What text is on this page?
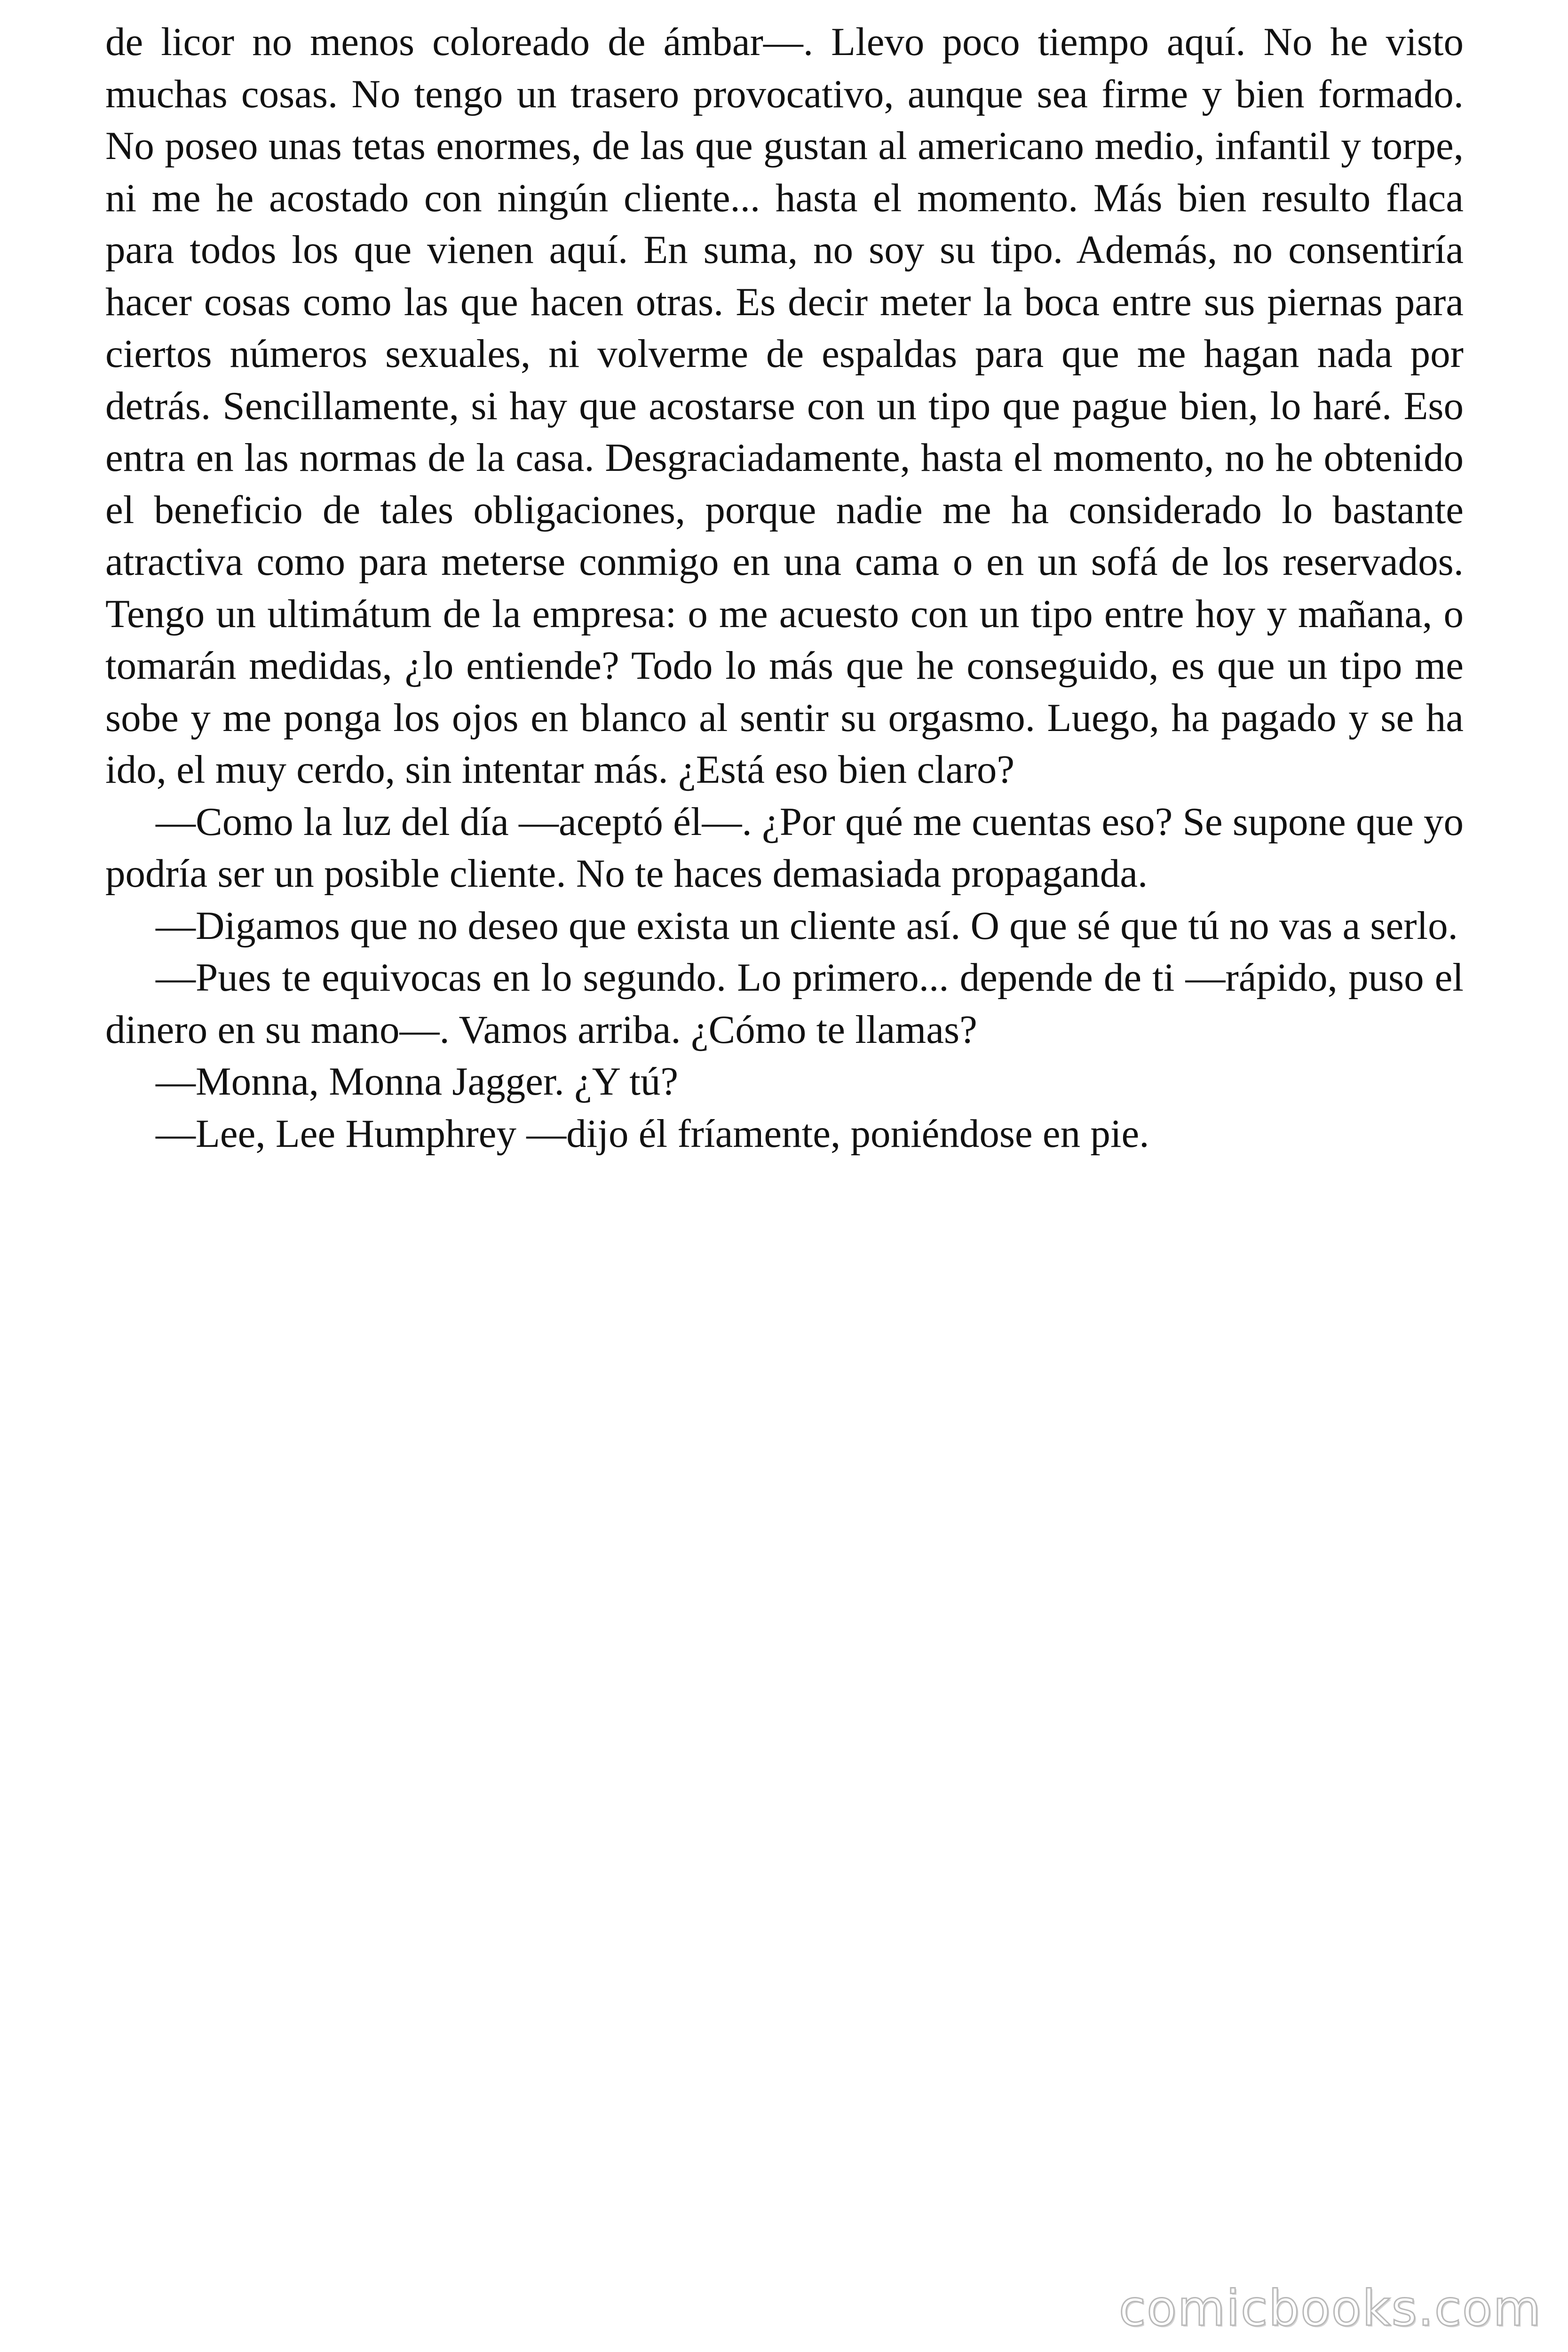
de licor no menos coloreado de ámbar—. Llevo poco tiempo aquí. No he visto muchas cosas. No tengo un trasero provocativo, aunque sea firme y bien formado. No poseo unas tetas enormes, de las que gustan al americano medio, infantil y torpe, ni me he acostado con ningún cliente... hasta el momento. Más bien resulto flaca para todos los que vienen aquí. En suma, no soy su tipo. Además, no consentiría hacer cosas como las que hacen otras. Es decir meter la boca entre sus piernas para ciertos números sexuales, ni volverme de espaldas para que me hagan nada por detrás. Sencillamente, si hay que acostarse con un tipo que pague bien, lo haré. Eso entra en las normas de la casa. Desgraciadamente, hasta el momento, no he obtenido el beneficio de tales obligaciones, porque nadie me ha considerado lo bastante atractiva como para meterse conmigo en una cama o en un sofá de los reservados. Tengo un ultimátum de la empresa: o me acuesto con un tipo entre hoy y mañana, o tomarán medidas, ¿lo entiende? Todo lo más que he conseguido, es que un tipo me sobe y me ponga los ojos en blanco al sentir su orgasmo. Luego, ha pagado y se ha ido, el muy cerdo, sin intentar más. ¿Está eso bien claro?

—Como la luz del día —aceptó él—. ¿Por qué me cuentas eso? Se supone que yo podría ser un posible cliente. No te haces demasiada propaganda.

—Digamos que no deseo que exista un cliente así. O que sé que tú no vas a serlo.

—Pues te equivocas en lo segundo. Lo primero... depende de ti —rápido, puso el dinero en su mano—. Vamos arriba. ¿Cómo te llamas?

—Monna, Monna Jagger. ¿Y tú?

—Lee, Lee Humphrey —dijo él fríamente, poniéndose en pie.

comicbooks.com
